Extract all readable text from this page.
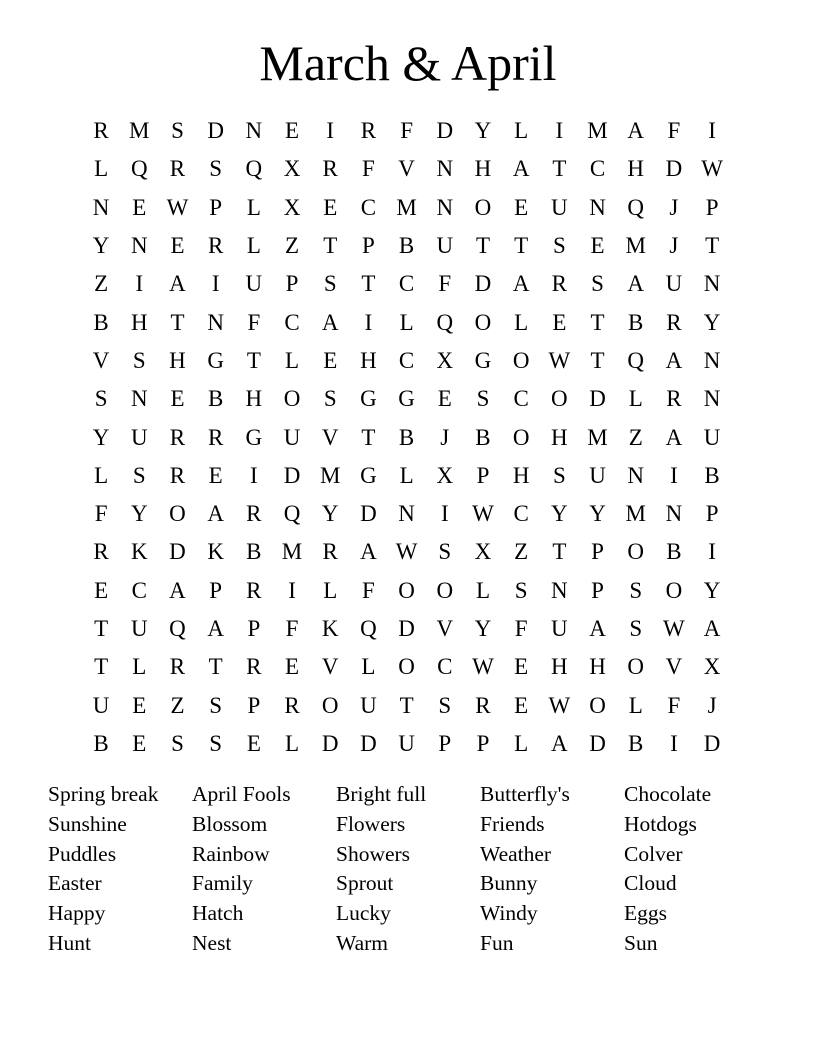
March & April
R M S	D N E	I	R	F	D Y L	I	M A	F	I
L Q R	S	Q X R	F	V N H A T	C H D W
N E W P	L X E	C M N O E U N Q	J	P
Y N E	R	L	Z	T	P	B U T	T	S	E M	J	T
Z	I	A	I	U	P	S	T	C	F	D A R	S	A U N
B H T N	F	C A	I	L Q O L	E	T	B R Y
V	S	H G T	L	E H C X G O W T Q A N
S	N E	B H O	S	G G E	S	C O D L	R N
Y U R R G U V T	B	J	B O H M Z A U
L	S	R	E	I	D M G L X	P	H	S	U N	I	B
F	Y O A R Q Y D N	I	W C Y Y M N	P
R K D K B M R A W S	X Z	T	P	O B	I
E	C A	P	R	I	L	F	O O L	S	N	P	S	O Y
T U Q A	P	F	K Q D V Y	F	U A	S W A
T	L	R	T	R	E V L O C W E H H O V X
U E	Z	S	P	R O U T	S	R	E W O L	F	J
B	E	S	S	E	L D D U	P	P	L A D B	I	D
Spring break	April Fools	Bright full	Butterfly's	Chocolate
Sunshine	Blossom	Flowers	Friends	Hotdogs
Puddles	Rainbow	Showers	Weather	Colver
Easter	Family	Sprout	Bunny	Cloud
Happy	Hatch	Lucky	Windy	Eggs
Hunt	Nest	Warm	Fun	Sun
